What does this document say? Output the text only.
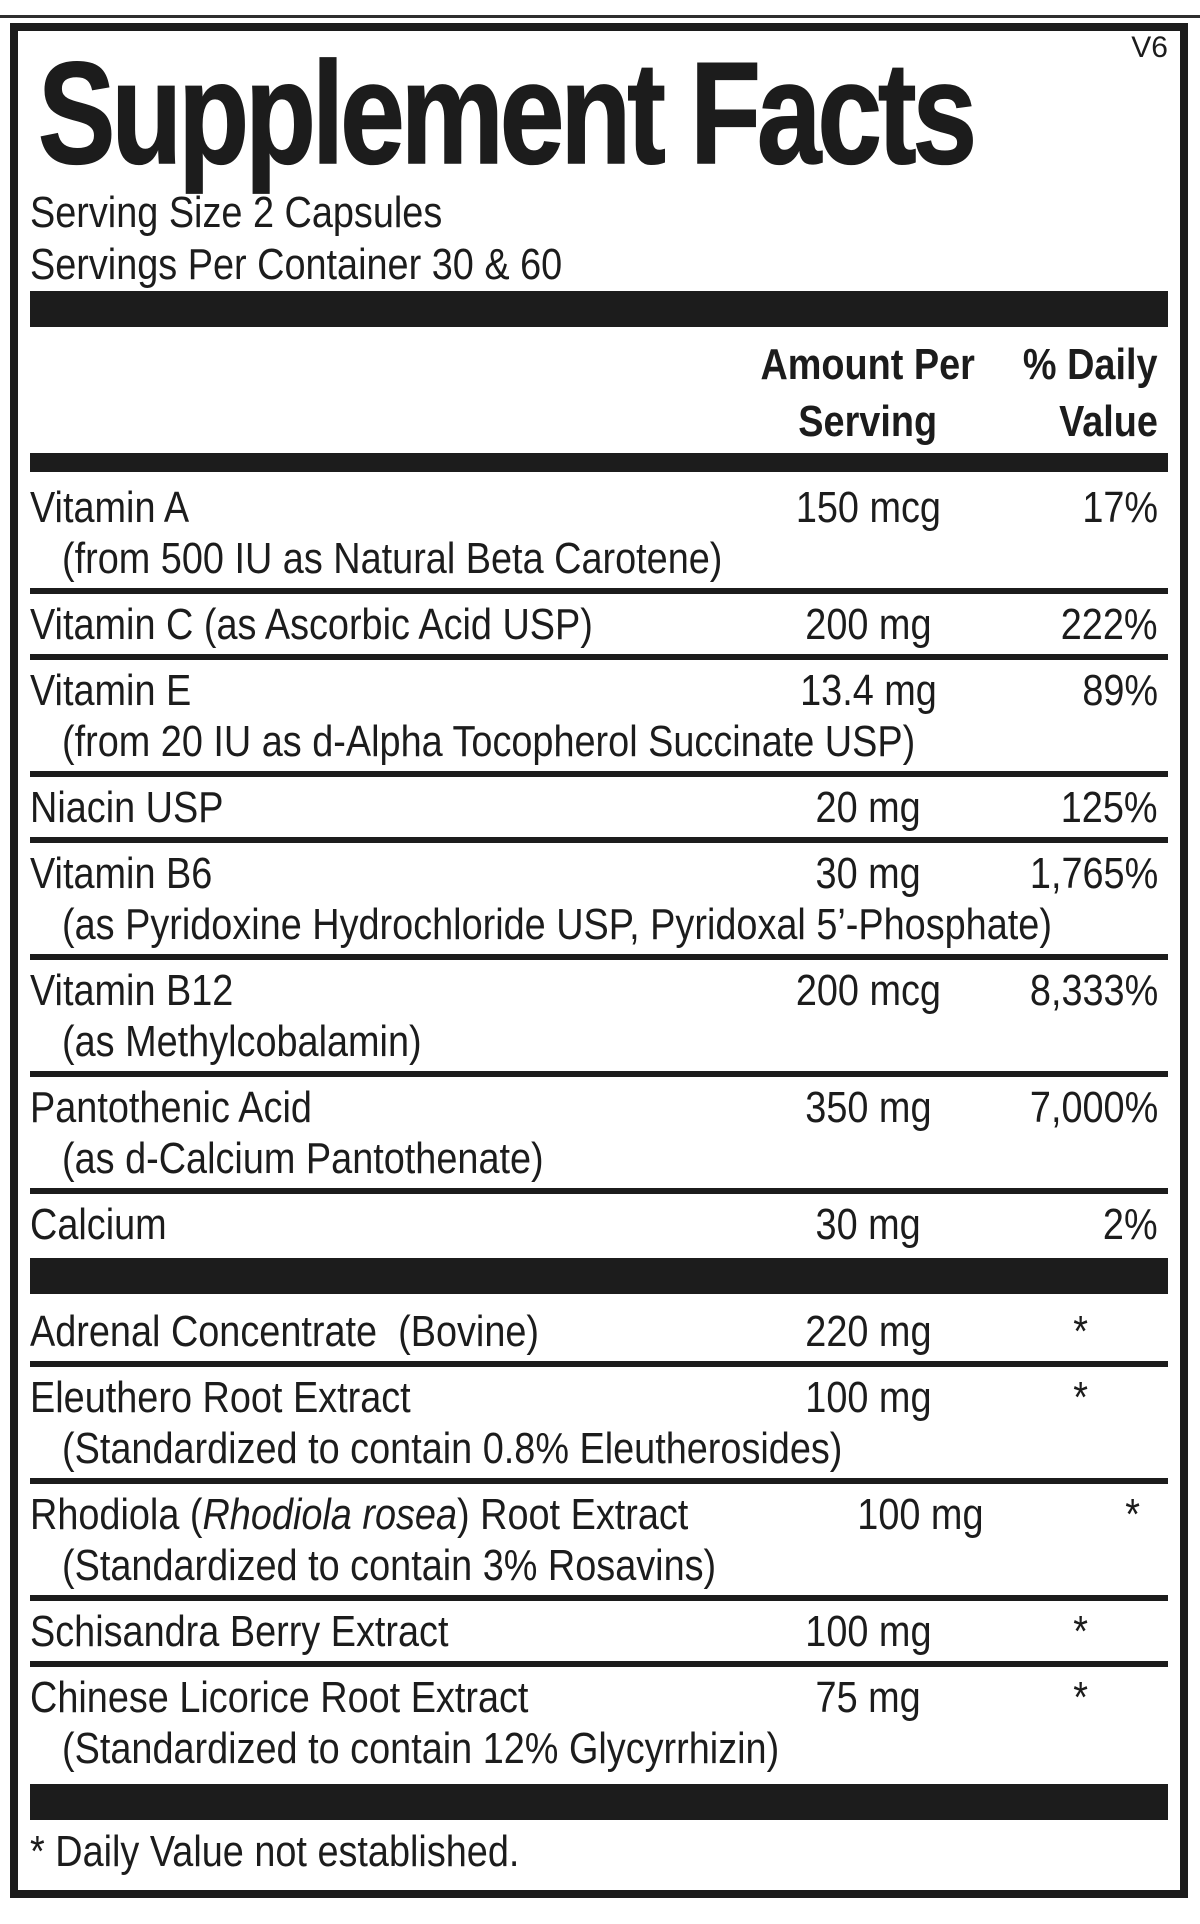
V6
Supplement Facts
Serving Size 2 Capsules
Servings Per Container 30 & 60
Amount Per	% Daily
Serving	Value
Vitamin A	150 mcg	17%
(from 500 IU as Natural Beta Carotene)
Vitamin C (as Ascorbic Acid USP)	200 mg	222%
Vitamin E	13.4 mg	89%
(from 20 IU as d-Alpha Tocopherol Succinate USP)
Niacin USP	20 mg	125%
Vitamin B6	30 mg	1,765%
(as Pyridoxine Hydrochloride USP, Pyridoxal 5’-Phosphate)
Vitamin B12	200 mcg	8,333%
(as Methylcobalamin)
Pantothenic Acid	350 mg	7,000%
(as d-Calcium Pantothenate)
Calcium	30 mg	2%
Adrenal Concentrate  (Bovine)	220 mg	*
Eleuthero Root Extract	100 mg	*
(Standardized to contain 0.8% Eleutherosides)
Rhodiola (Rhodiola rosea) Root Extract	100 mg	*
(Standardized to contain 3% Rosavins)
Schisandra Berry Extract	100 mg	*
Chinese Licorice Root Extract	75 mg	*
(Standardized to contain 12% Glycyrrhizin)
* Daily Value not established.
